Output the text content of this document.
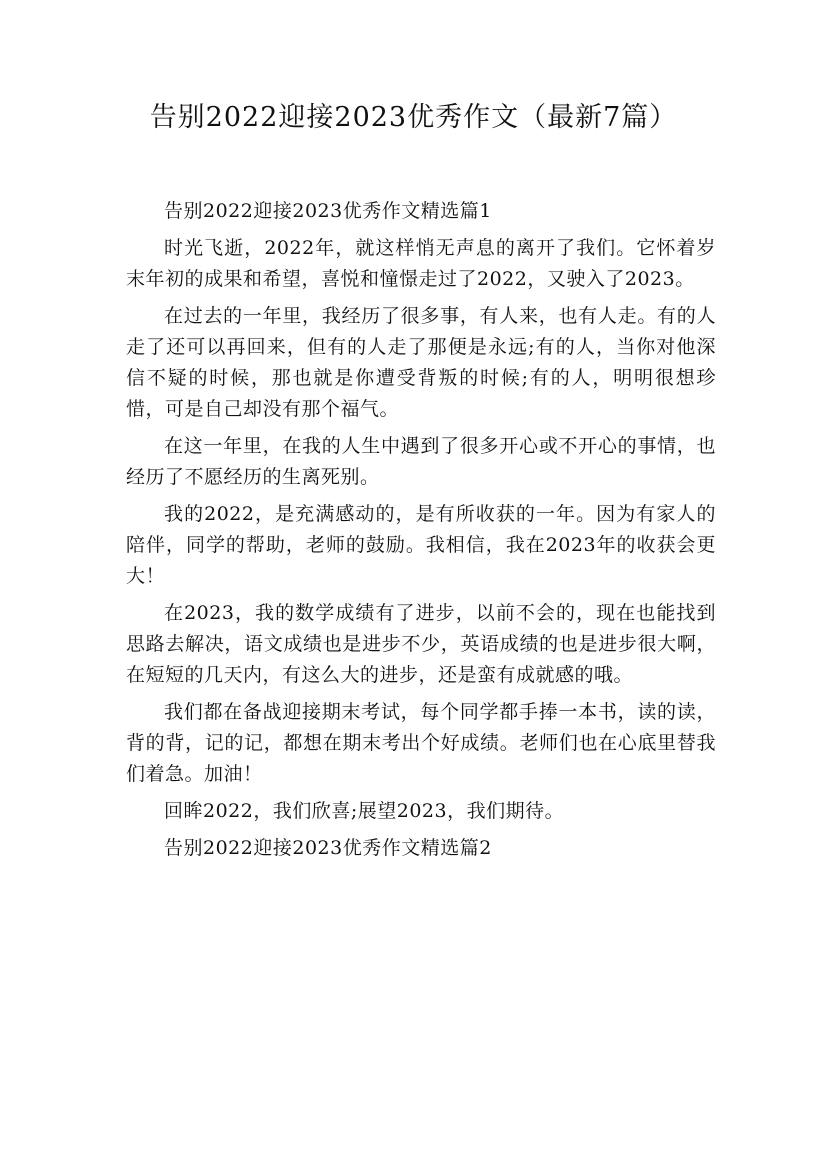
告别2022迎接2023优秀作文（最新7篇）

告别2022迎接2023优秀作文精选篇1

时光飞逝，2022年，就这样悄无声息的离开了我们。它怀着岁末年初的成果和希望，喜悦和憧憬走过了2022，又驶入了2023。

在过去的一年里，我经历了很多事，有人来，也有人走。有的人走了还可以再回来，但有的人走了那便是永远;有的人，当你对他深信不疑的时候，那也就是你遭受背叛的时候;有的人，明明很想珍惜，可是自己却没有那个福气。

在这一年里，在我的人生中遇到了很多开心或不开心的事情，也经历了不愿经历的生离死别。

我的2022，是充满感动的，是有所收获的一年。因为有家人的陪伴，同学的帮助，老师的鼓励。我相信，我在2023年的收获会更大！

在2023，我的数学成绩有了进步，以前不会的，现在也能找到思路去解决，语文成绩也是进步不少，英语成绩的也是进步很大啊，在短短的几天内，有这么大的进步，还是蛮有成就感的哦。

我们都在备战迎接期末考试，每个同学都手捧一本书，读的读，背的背，记的记，都想在期末考出个好成绩。老师们也在心底里替我们着急。加油！

回眸2022，我们欣喜;展望2023，我们期待。

告别2022迎接2023优秀作文精选篇2
